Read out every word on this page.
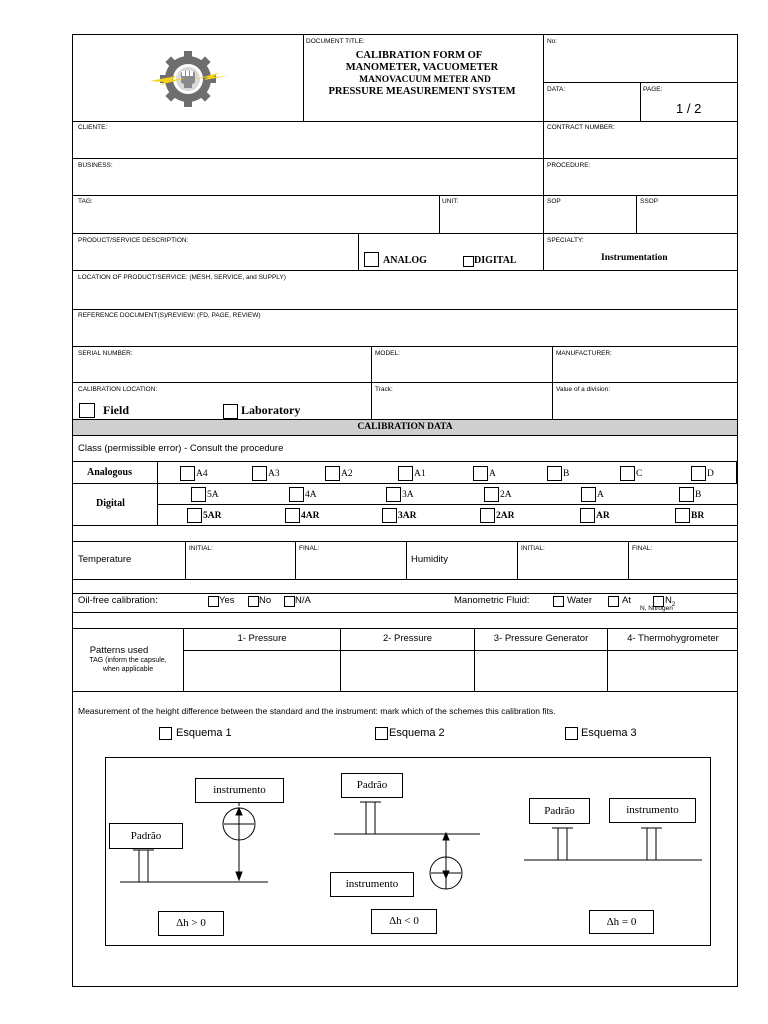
DOCUMENT TITLE:
CALIBRATION FORM OF
MANOMETER, VACUOMETER
MANOVACUUM METER AND
PRESSURE MEASUREMENT SYSTEM
No:
DATA:	PAGE:
1 / 2
CLIENTE:	CONTRACT NUMBER:
BUSINESS:	PROCEDURE:
TAG:	UNIT:	SOP	SSOP
PRODUCT/SERVICE DESCRIPTION:
ANALOG	DIGITAL
SPECIALTY:
Instrumentation
LOCATION OF PRODUCT/SERVICE: (MESH, SERVICE, and SUPPLY)
REFERENCE DOCUMENT(S)/REVIEW: (FD, PAGE, REVIEW)
SERIAL NUMBER:	MODEL:	MANUFACTURER:
CALIBRATION LOCATION:
Field	Laboratory
Track:	Value of a division:
CALIBRATION DATA
Class (permissible error) - Consult the procedure
Analogous	A4	A3	A2	A1	A	B	C	D
Digital
5A	4A	3A	2A	A	B
5AR	4AR	3AR	2AR	AR	BR
Temperature
INITIAL:	FINAL:
Humidity
INITIAL:	FINAL:
Oil-free calibration:	Yes	No	N/A	Manometric Fluid:	Water	At	$N_2$
N, Nitrogen
Patterns used
TAG (inform the capsule, when applicable
1- Pressure	2- Pressure	3- Pressure Generator	4- Thermohygrometer
Measurement of the height difference between the standard and the instrument: mark which of the schemes this calibration fits.
Esquema 1	Esquema 2	Esquema 3
instrumento
Padrão
Δh > 0
Padrão
instrumento
Δh < 0
Padrão	instrumento
Δh = 0
